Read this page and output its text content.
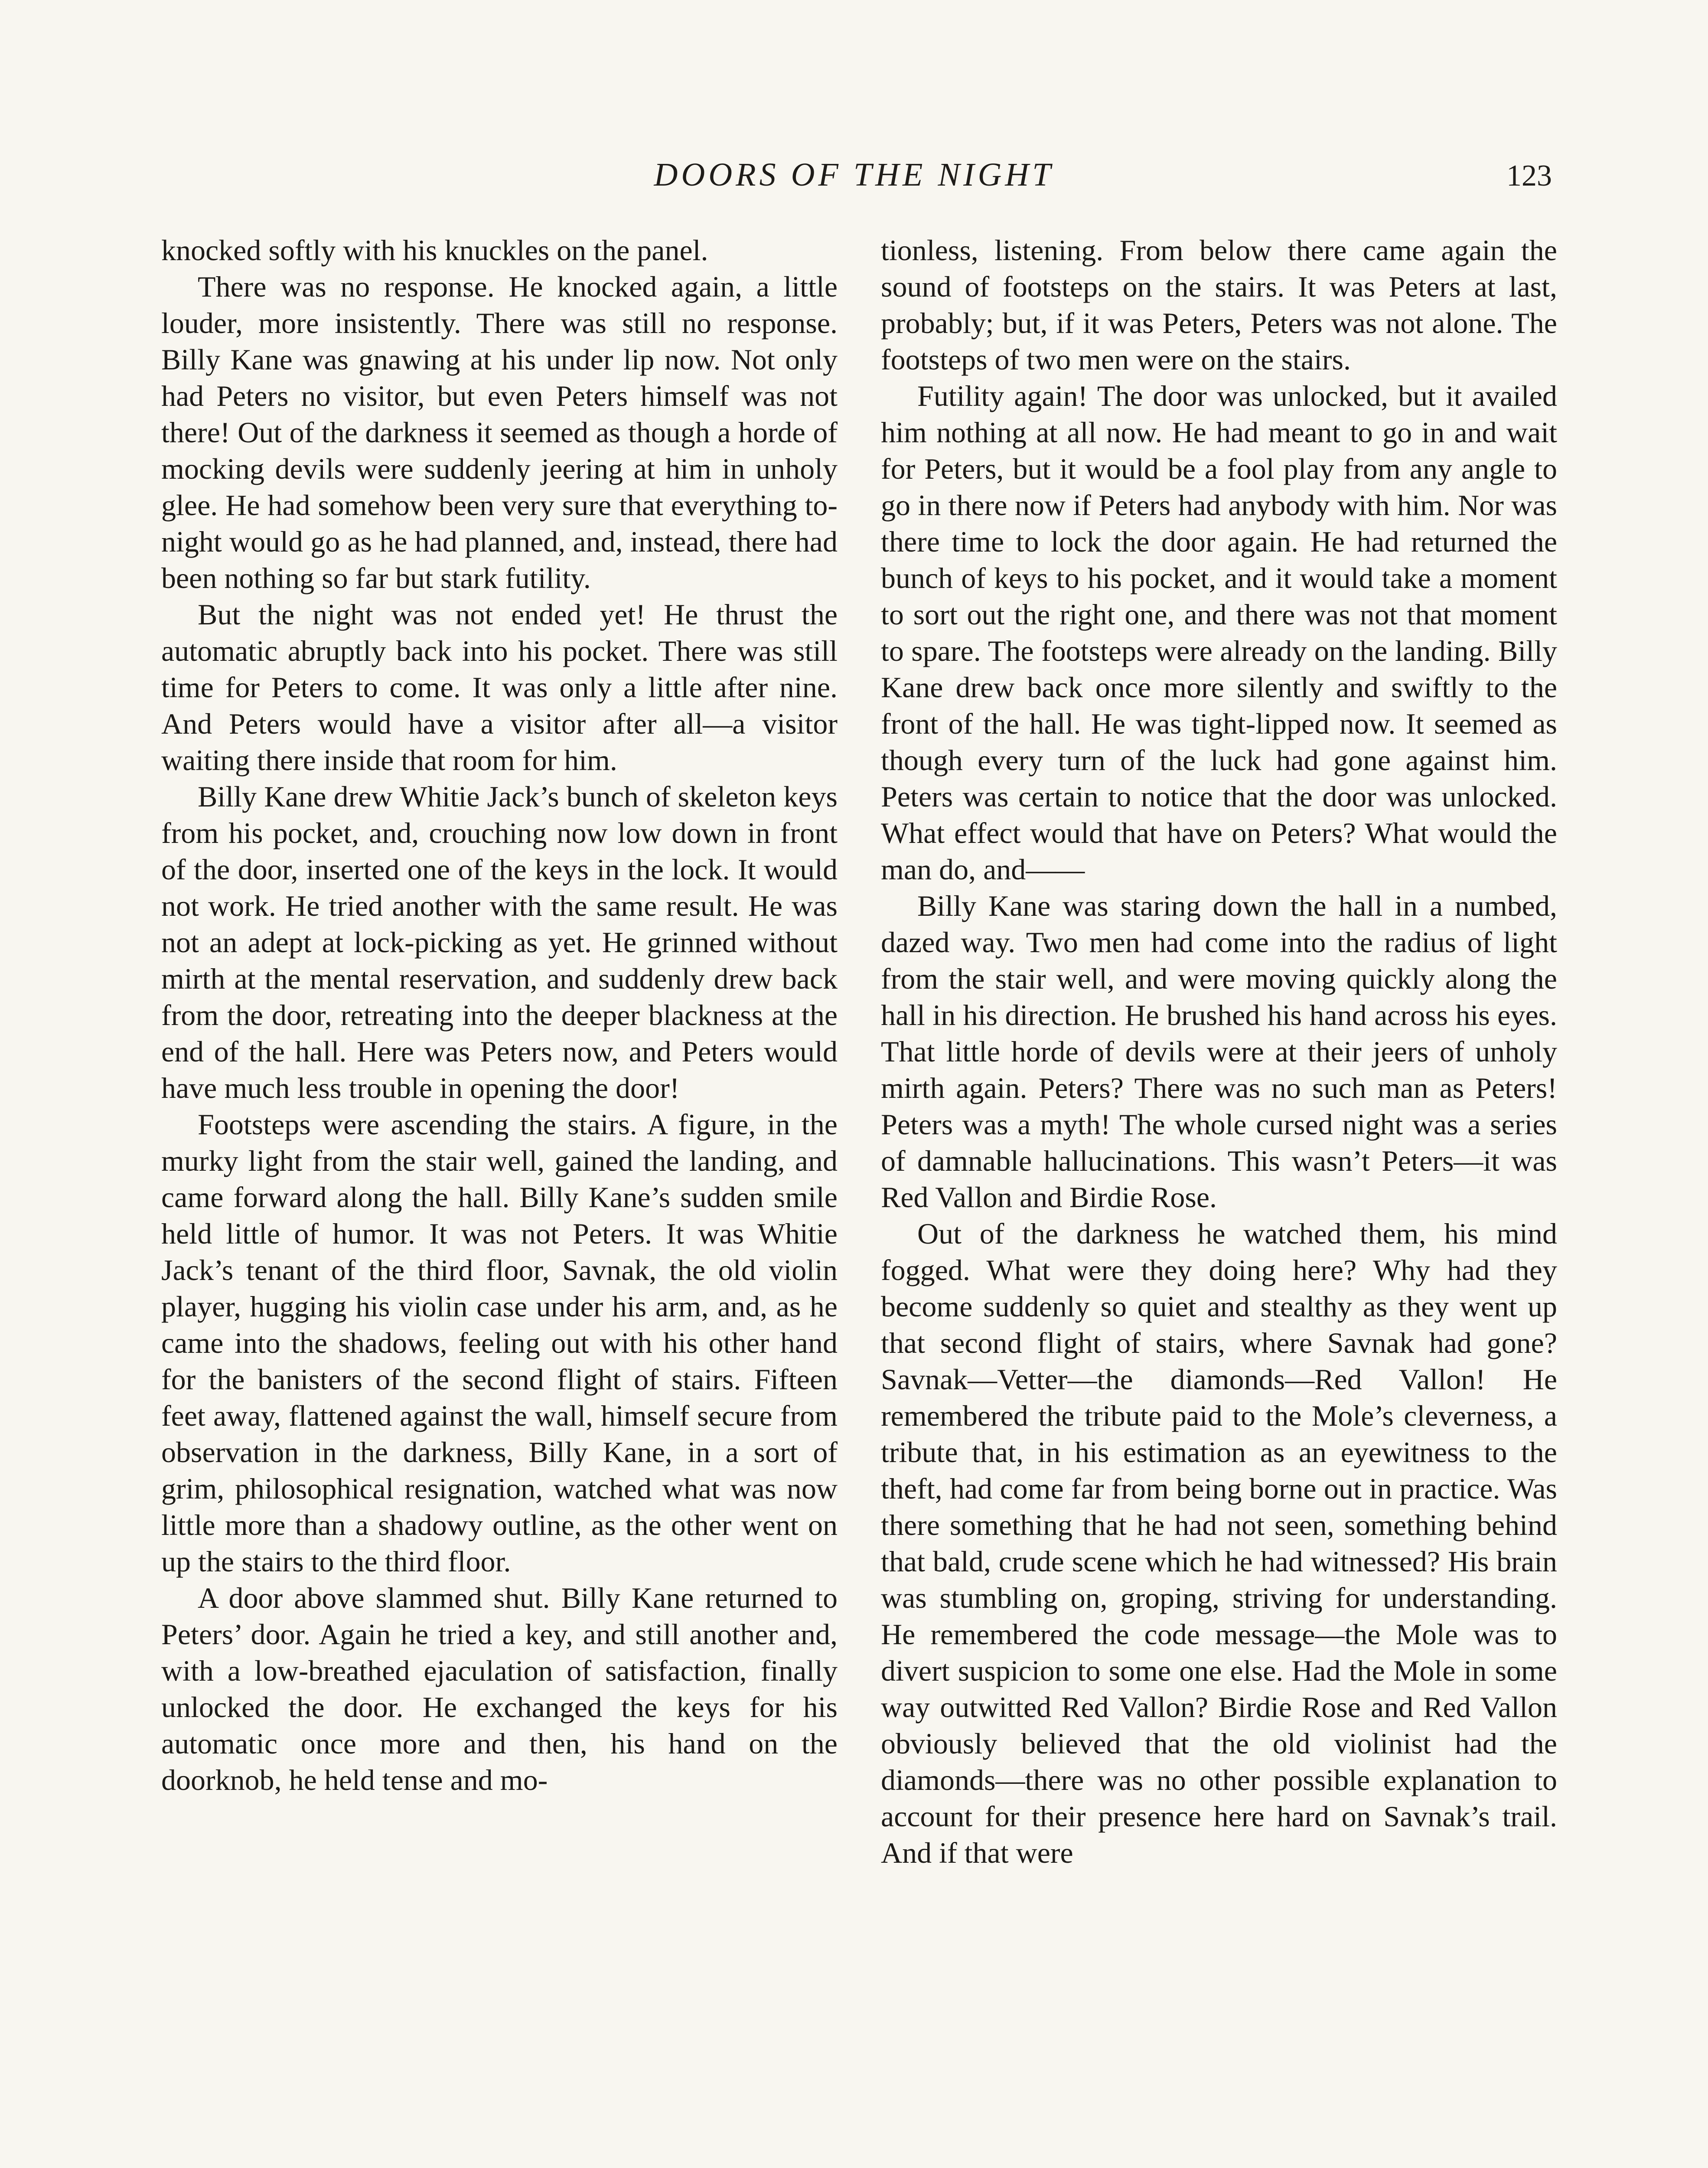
DOORS OF THE NIGHT	123

knocked softly with his knuckles on the panel.

There was no response. He knocked again, a little louder, more insistently. There was still no response. Billy Kane was gnawing at his under lip now. Not only had Peters no visitor, but even Peters himself was not there! Out of the darkness it seemed as though a horde of mocking devils were suddenly jeering at him in unholy glee. He had somehow been very sure that everything to-night would go as he had planned, and, instead, there had been nothing so far but stark futility.

But the night was not ended yet! He thrust the automatic abruptly back into his pocket. There was still time for Peters to come. It was only a little after nine. And Peters would have a visitor after all—a visitor waiting there inside that room for him.

Billy Kane drew Whitie Jack’s bunch of skeleton keys from his pocket, and, crouching now low down in front of the door, inserted one of the keys in the lock. It would not work. He tried another with the same result. He was not an adept at lock-picking as yet. He grinned without mirth at the mental reservation, and suddenly drew back from the door, retreating into the deeper blackness at the end of the hall. Here was Peters now, and Peters would have much less trouble in opening the door!

Footsteps were ascending the stairs. A figure, in the murky light from the stair well, gained the landing, and came forward along the hall. Billy Kane’s sudden smile held little of humor. It was not Peters. It was Whitie Jack’s tenant of the third floor, Savnak, the old violin player, hugging his violin case under his arm, and, as he came into the shadows, feeling out with his other hand for the banisters of the second flight of stairs. Fifteen feet away, flattened against the wall, himself secure from observation in the darkness, Billy Kane, in a sort of grim, philosophical resignation, watched what was now little more than a shadowy outline, as the other went on up the stairs to the third floor.

A door above slammed shut. Billy Kane returned to Peters’ door. Again he tried a key, and still another and, with a low-breathed ejaculation of satisfaction, finally unlocked the door. He exchanged the keys for his automatic once more and then, his hand on the doorknob, he held tense and mo-

tionless, listening. From below there came again the sound of footsteps on the stairs. It was Peters at last, probably; but, if it was Peters, Peters was not alone. The footsteps of two men were on the stairs.

Futility again! The door was unlocked, but it availed him nothing at all now. He had meant to go in and wait for Peters, but it would be a fool play from any angle to go in there now if Peters had anybody with him. Nor was there time to lock the door again. He had returned the bunch of keys to his pocket, and it would take a moment to sort out the right one, and there was not that moment to spare. The footsteps were already on the landing. Billy Kane drew back once more silently and swiftly to the front of the hall. He was tight-lipped now. It seemed as though every turn of the luck had gone against him. Peters was certain to notice that the door was unlocked. What effect would that have on Peters? What would the man do, and——

Billy Kane was staring down the hall in a numbed, dazed way. Two men had come into the radius of light from the stair well, and were moving quickly along the hall in his direction. He brushed his hand across his eyes. That little horde of devils were at their jeers of unholy mirth again. Peters? There was no such man as Peters! Peters was a myth! The whole cursed night was a series of damnable hallucinations. This wasn’t Peters—it was Red Vallon and Birdie Rose.

Out of the darkness he watched them, his mind fogged. What were they doing here? Why had they become suddenly so quiet and stealthy as they went up that second flight of stairs, where Savnak had gone? Savnak—Vetter—the diamonds—Red Vallon! He remembered the tribute paid to the Mole’s cleverness, a tribute that, in his estimation as an eyewitness to the theft, had come far from being borne out in practice. Was there something that he had not seen, something behind that bald, crude scene which he had witnessed? His brain was stumbling on, groping, striving for understanding. He remembered the code message—the Mole was to divert suspicion to some one else. Had the Mole in some way outwitted Red Vallon? Birdie Rose and Red Vallon obviously believed that the old violinist had the diamonds—there was no other possible explanation to account for their presence here hard on Savnak’s trail. And if that were
